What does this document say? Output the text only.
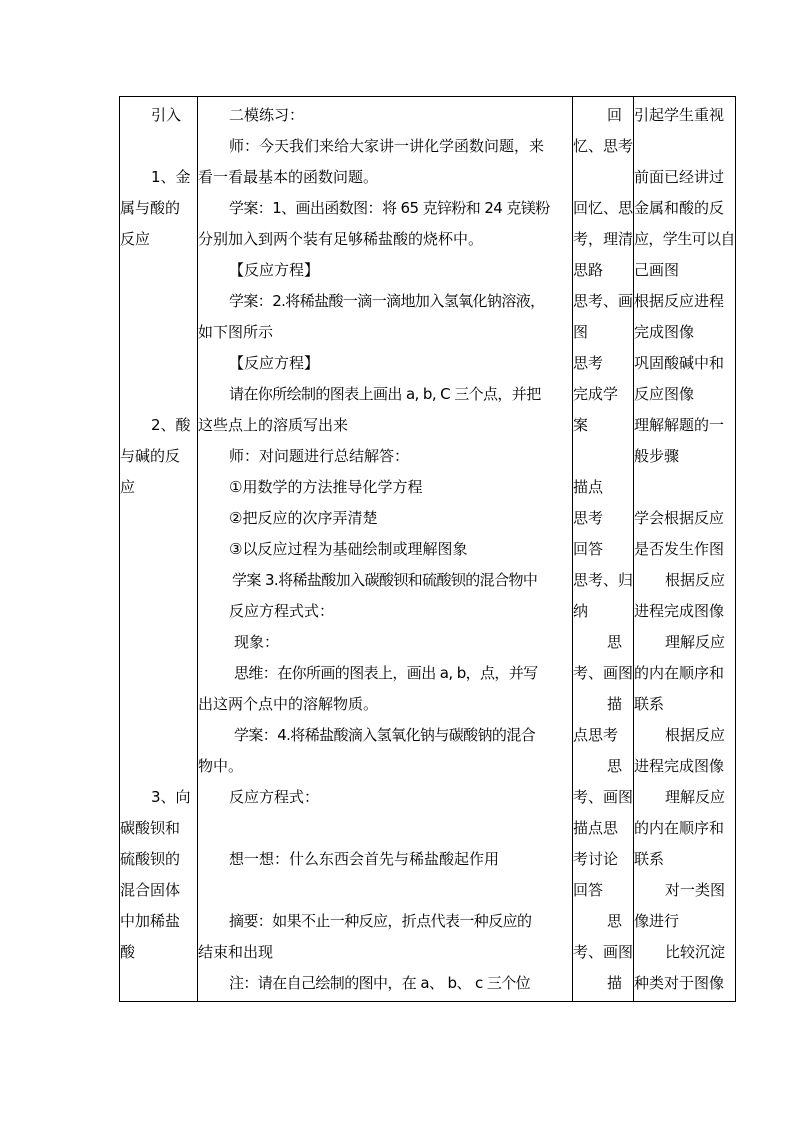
引入
1、金
属与酸的
反应
2、酸
与碱的反
应
3、向
碳酸钡和
硫酸钡的
混合固体
中加稀盐
酸
二模练习：
师：今天我们来给大家讲一讲化学函数问题，来
看一看最基本的函数问题。
学案：1、画出函数图：将 65 克锌粉和 24 克镁粉
分别加入到两个装有足够稀盐酸的烧杯中。
【反应方程】
学案：2.将稀盐酸一滴一滴地加入氢氧化钠溶液，
如下图所示
【反应方程】
请在你所绘制的图表上画出 a, b, C 三个点，并把
这些点上的溶质写出来
师：对问题进行总结解答：
①用数学的方法推导化学方程
②把反应的次序弄清楚
③以反应过程为基础绘制或理解图象
学案 3.将稀盐酸加入碳酸钡和硫酸钡的混合物中
反应方程式式：
现象：
思维：在你所画的图表上，画出 a, b，点，并写
出这两个点中的溶解物质。
学案：4.将稀盐酸滴入氢氧化钠与碳酸钠的混合
物中。
反应方程式：
想一想：什么东西会首先与稀盐酸起作用
摘要：如果不止一种反应，折点代表一种反应的
结束和出现
注：请在自己绘制的图中，在 a、 b、 c 三个位
回
忆、思考
回忆、思
考，理清
思路
思考、画
图
思考
完成学
案
描点
思考
回答
思考、归
纳
思
考、画图
描
点思考
思
考、画图
描点思
考讨论
回答
思
考、画图
描
引起学生重视
前面已经讲过
金属和酸的反
应，学生可以自
己画图
根据反应进程
完成图像
巩固酸碱中和
反应图像
理解解题的一
般步骤
学会根据反应
是否发生作图
根据反应
进程完成图像
理解反应
的内在顺序和
联系
根据反应
进程完成图像
理解反应
的内在顺序和
联系
对一类图
像进行
比较沉淀
种类对于图像
